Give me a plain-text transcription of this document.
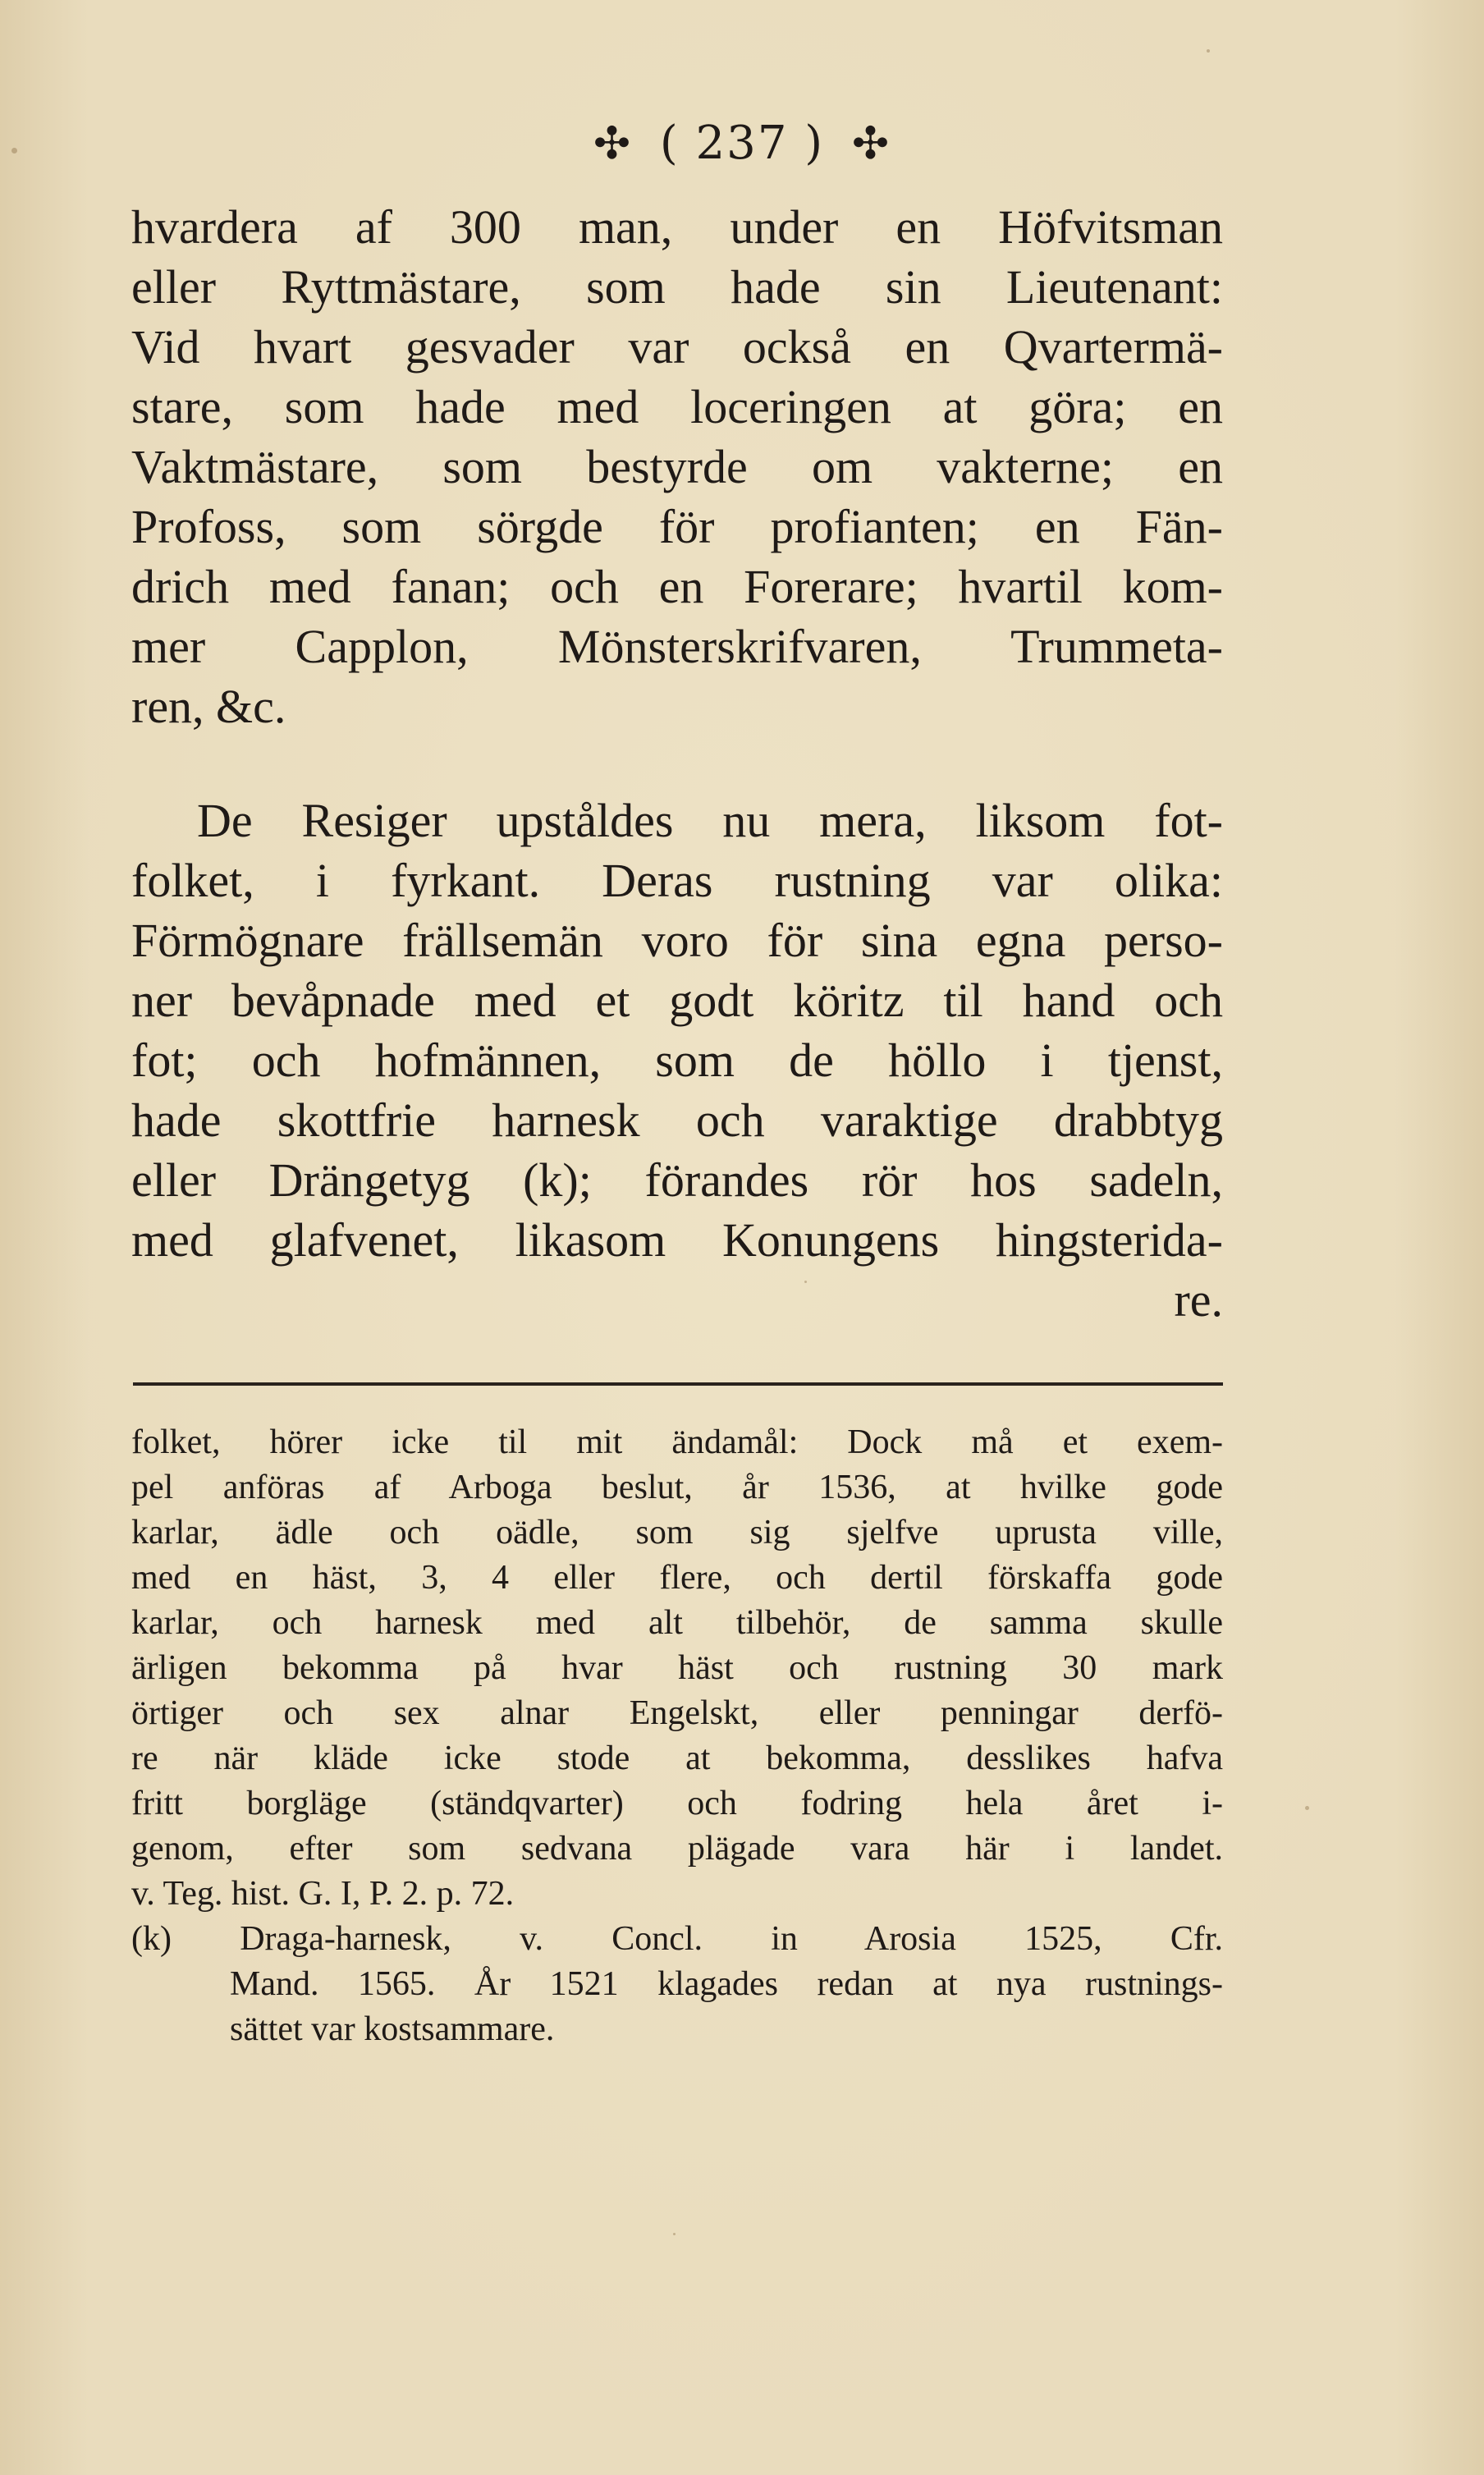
✣ ( 237 ) ✣
hvardera af 300 man, under en Höfvitsman
eller Ryttmästare, som hade sin Lieutenant:
Vid hvart gesvader var också en Qvartermä-
stare, som hade med loceringen at göra; en
Vaktmästare, som bestyrde om vakterne; en
Profoss, som sörgde för profianten; en Fän-
drich med fanan; och en Forerare; hvartil kom-
mer Capplon, Mönsterskrifvaren, Trummeta-
ren, &c.
De Resiger upståldes nu mera, liksom fot-
folket, i fyrkant. Deras rustning var olika:
Förmögnare frällsemän voro för sina egna perso-
ner bevåpnade med et godt köritz til hand och
fot; och hofmännen, som de höllo i tjenst,
hade skottfrie harnesk och varaktige drabbtyg
eller Drängetyg (k); förandes rör hos sadeln,
med glafvenet, likasom Konungens hingsterida-
re.
folket, hörer icke til mit ändamål: Dock må et exem-
pel anföras af Arboga beslut, år 1536, at hvilke gode
karlar, ädle och oädle, som sig sjelfve uprusta ville,
med en häst, 3, 4 eller flere, och dertil förskaffa gode
karlar, och harnesk med alt tilbehör, de samma skulle
ärligen bekomma på hvar häst och rustning 30 mark
örtiger och sex alnar Engelskt, eller penningar derfö-
re när kläde icke stode at bekomma, desslikes hafva
fritt borgläge (ständqvarter) och fodring hela året i-
genom, efter som sedvana plägade vara här i landet.
v. Teg. hist. G. I, P. 2. p. 72.
(k) Draga-harnesk, v. Concl. in Arosia 1525, Cfr.
Mand. 1565. År 1521 klagades redan at nya rustnings-
sättet var kostsammare.
